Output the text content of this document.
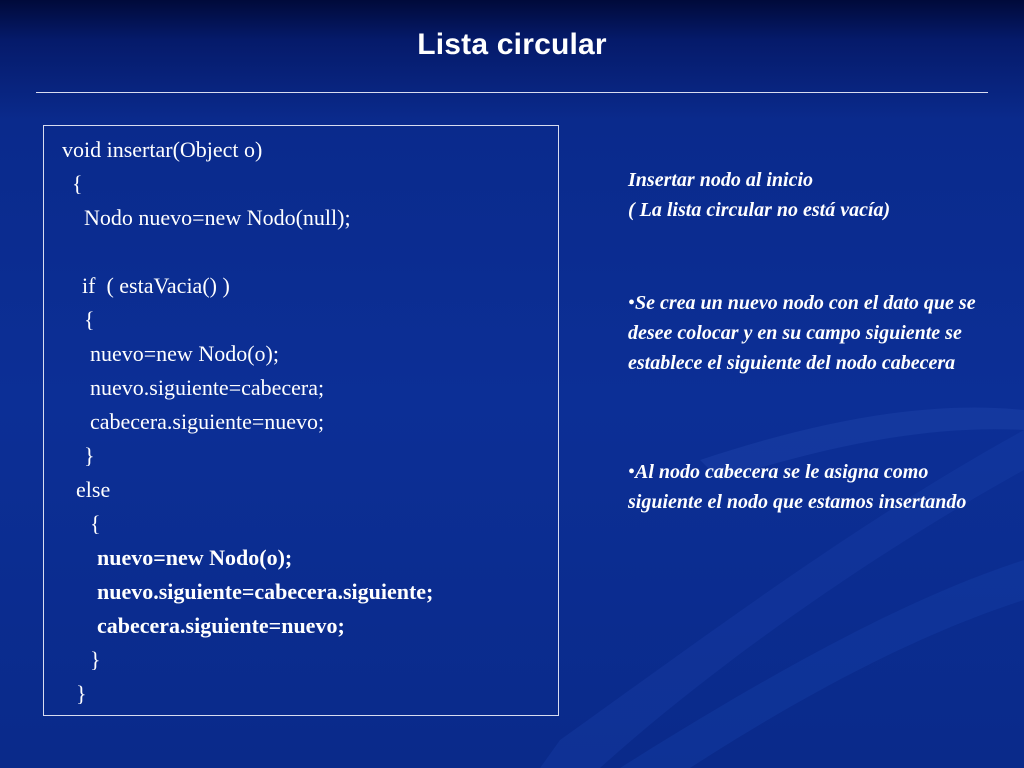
Lista circular
void insertar(Object o)
{
Nodo nuevo=new Nodo(null);
if  ( estaVacia() )
{
nuevo=new Nodo(o);
nuevo.siguiente=cabecera;
cabecera.siguiente=nuevo;
}
else
{
nuevo=new Nodo(o);
nuevo.siguiente=cabecera.siguiente;
cabecera.siguiente=nuevo;
}
}
Insertar nodo al inicio
( La lista circular no está vacía)
•Se crea un nuevo nodo con el dato que se desee colocar y en su campo siguiente se establece el siguiente del nodo cabecera
•Al nodo cabecera se le asigna como siguiente el nodo que estamos insertando
